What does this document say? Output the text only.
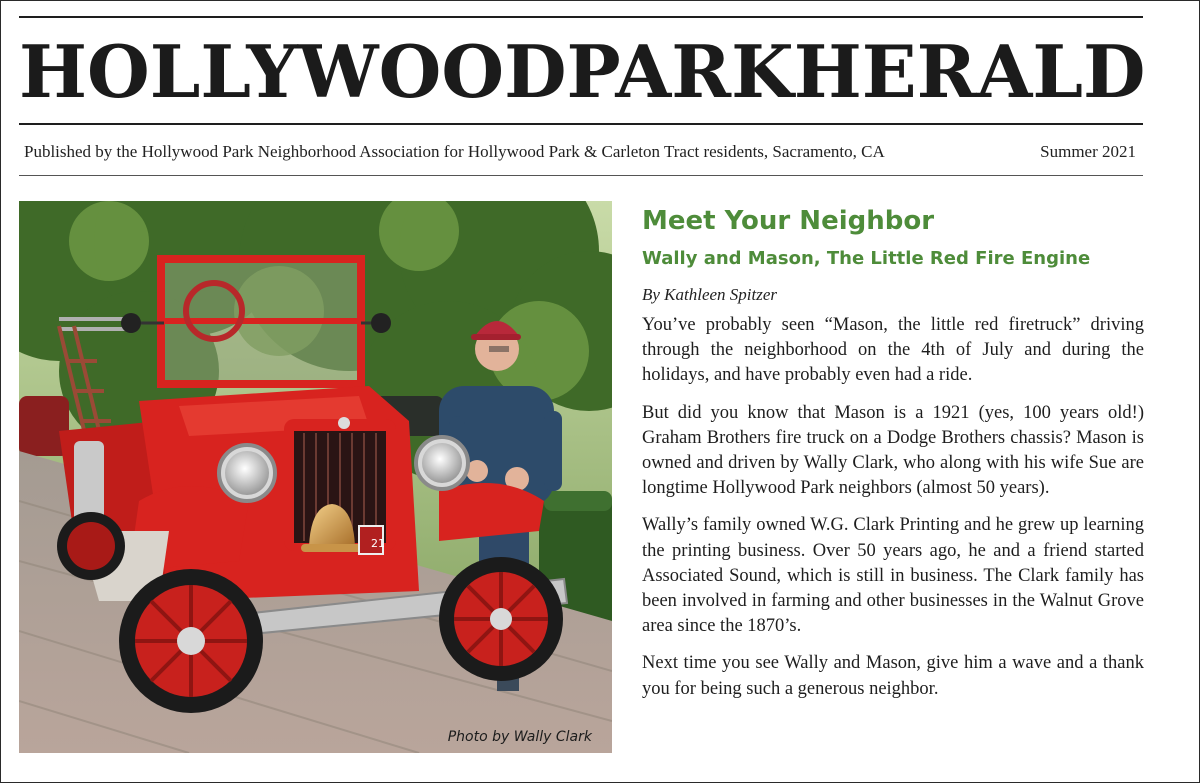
HOLLYWOOD PARK HERALD
Published by the Hollywood Park Neighborhood Association for Hollywood Park & Carleton Tract residents, Sacramento, CA	Summer 2021
21
Photo by Wally Clark
Meet Your Neighbor
Wally and Mason, The Little Red Fire Engine

By Kathleen Spitzer

You’ve probably seen “Mason, the little red firetruck” driving through the neighborhood on the 4th of July and during the holidays, and have probably even had a ride.

But did you know that Mason is a 1921 (yes, 100 years old!) Graham Brothers fire truck on a Dodge Brothers chassis? Mason is owned and driven by Wally Clark, who along with his wife Sue are longtime Hollywood Park neighbors (almost 50 years).

Wally’s family owned W.G. Clark Printing and he grew up learning the printing business. Over 50 years ago, he and a friend started Associated Sound, which is still in business. The Clark family has been involved in farming and other businesses in the Walnut Grove area since the 1870’s.

Next time you see Wally and Mason, give him a wave and a thank you for being such a generous neighbor.
